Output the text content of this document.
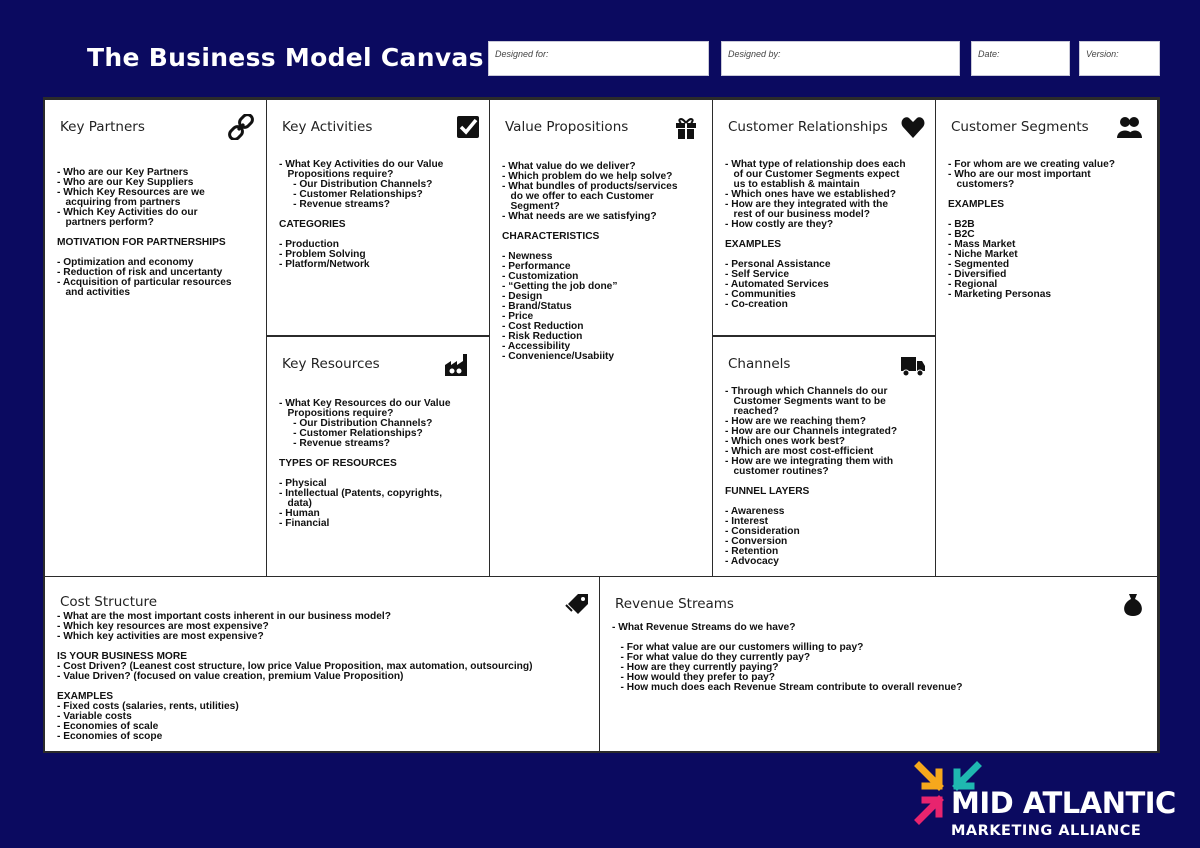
The Business Model Canvas Designed for:	Designed by:	Date:	Version:
Key Partners
- Who are our Key Partners
- Who are our Key Suppliers
- Which Key Resources are we
acquiring from partners
- Which Key Activities do our
partners perform?
MOTIVATION FOR PARTNERSHIPS
- Optimization and economy
- Reduction of risk and uncertanty
- Acquisition of particular resources
and activities
Key Activities
- What Key Activities do our Value
Propositions require?
- Our Distribution Channels?
- Customer Relationships?
- Revenue streams?
CATEGORIES
- Production
- Problem Solving
- Platform/Network
Key Resources
- What Key Resources do our Value
Propositions require?
- Our Distribution Channels?
- Customer Relationships?
- Revenue streams?
TYPES OF RESOURCES
- Physical
- Intellectual (Patents, copyrights,
data)
- Human
- Financial
Value Propositions
- What value do we deliver?
- Which problem do we help solve?
- What bundles of products/services
do we offer to each Customer
Segment?
- What needs are we satisfying?
CHARACTERISTICS
- Newness
- Performance
- Customization
- “Getting the job done”
- Design
- Brand/Status
- Price
- Cost Reduction
- Risk Reduction
- Accessibility
- Convenience/Usabiity
Customer Relationships
- What type of relationship does each
of our Customer Segments expect
us to establish & maintain
- Which ones have we established?
- How are they integrated with the
rest of our business model?
- How costly are they?
EXAMPLES
- Personal Assistance
- Self Service
- Automated Services
- Communities
- Co-creation
Channels
- Through which Channels do our
Customer Segments want to be
reached?
- How are we reaching them?
- How are our Channels integrated?
- Which ones work best?
- Which are most cost-efficient
- How are we integrating them with
customer routines?
FUNNEL LAYERS
- Awareness
- Interest
- Consideration
- Conversion
- Retention
- Advocacy
Customer Segments
- For whom are we creating value?
- Who are our most important
customers?
EXAMPLES
- B2B
- B2C
- Mass Market
- Niche Market
- Segmented
- Diversified
- Regional
- Marketing Personas
Cost Structure
- What are the most important costs inherent in our business model?
- Which key resources are most expensive?
- Which key activities are most expensive?
IS YOUR BUSINESS MORE
- Cost Driven? (Leanest cost structure, low price Value Proposition, max automation, outsourcing)
- Value Driven? (focused on value creation, premium Value Proposition)
EXAMPLES
- Fixed costs (salaries, rents, utilities)
- Variable costs
- Economies of scale
- Economies of scope
Revenue Streams
- What Revenue Streams do we have?
- For what value are our customers willing to pay?
- For what value do they currently pay?
- How are they currently paying?
- How would they prefer to pay?
- How much does each Revenue Stream contribute to overall revenue?
MID ATLANTIC
MARKETING ALLIANCE
